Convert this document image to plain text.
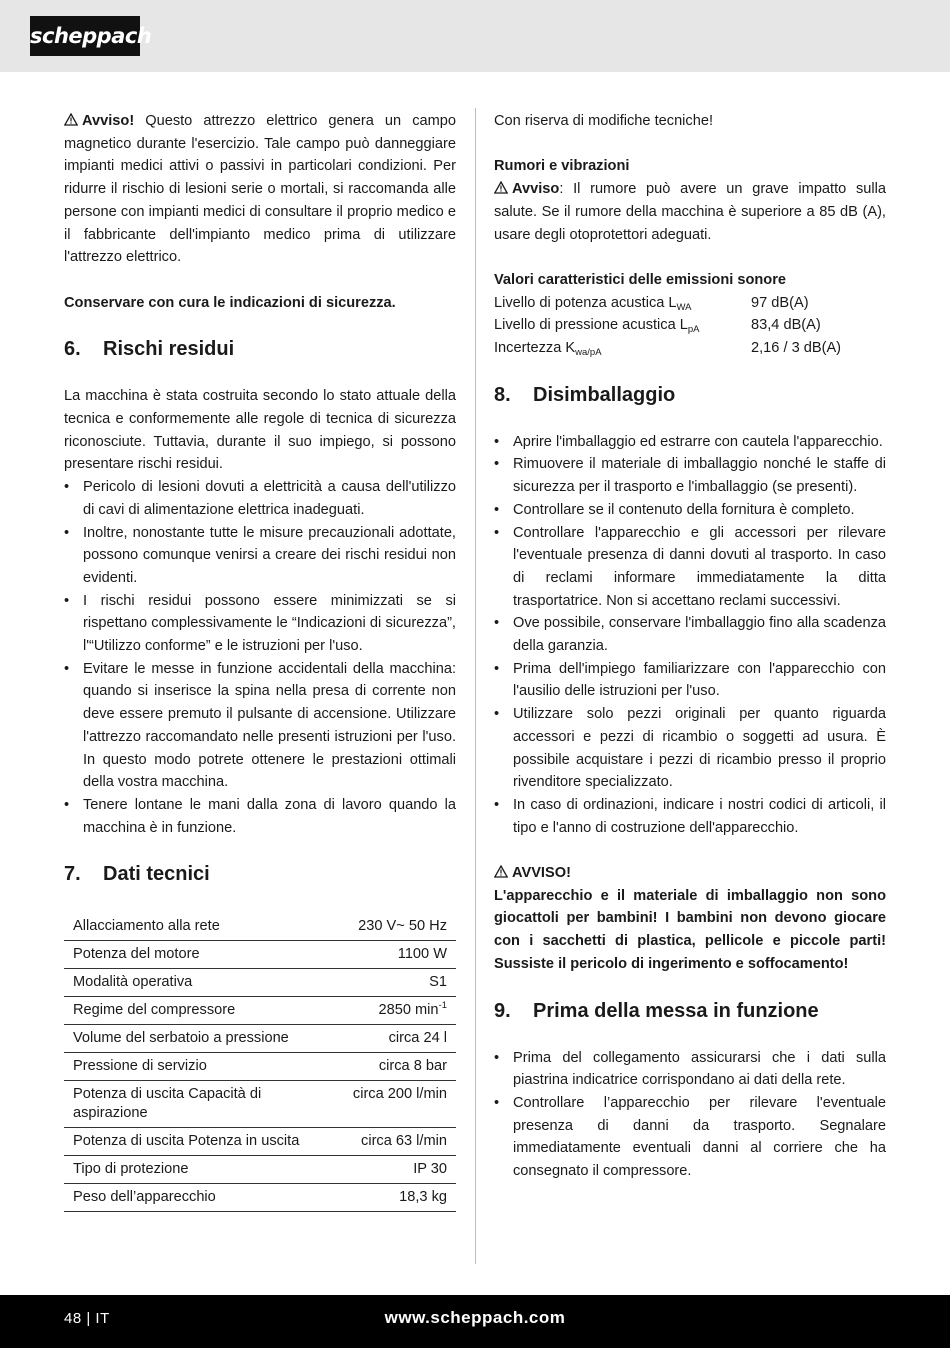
scheppach

Avviso! Questo attrezzo elettrico genera un campo magnetico durante l'esercizio. Tale campo può danneggiare impianti medici attivi o passivi in particolari condizioni. Per ridurre il rischio di lesioni serie o mortali, si raccomanda alle persone con impianti medici di consultare il proprio medico e il fabbricante dell'impianto medico prima di utilizzare l'attrezzo elettrico.

Conservare con cura le indicazioni di sicurezza.

6.	Rischi residui

La macchina è stata costruita secondo lo stato attuale della tecnica e conformemente alle regole di tecnica di sicurezza riconosciute. Tuttavia, durante il suo impiego, si possono presentare rischi residui.

• Pericolo di lesioni dovuti a elettricità a causa dell'utilizzo di cavi di alimentazione elettrica inadeguati.
• Inoltre, nonostante tutte le misure precauzionali adottate, possono comunque venirsi a creare dei rischi residui non evidenti.
• I rischi residui possono essere minimizzati se si rispettano complessivamente le “Indicazioni di sicurezza”, l'“Utilizzo conforme” e le istruzioni per l'uso.
• Evitare le messe in funzione accidentali della macchina: quando si inserisce la spina nella presa di corrente non deve essere premuto il pulsante di accensione. Utilizzare l'attrezzo raccomandato nelle presenti istruzioni per l'uso. In questo modo potrete ottenere le prestazioni ottimali della vostra macchina.
• Tenere lontane le mani dalla zona di lavoro quando la macchina è in funzione.
7.	Dati tecnici
Allacciamento alla rete	230 V~ 50 Hz
Potenza del motore	1100 W
Modalità operativa	S1
Regime del compressore	2850 $\min^{-1}$
Volume del serbatoio a pressione	circa 24 l
Pressione di servizio	circa 8 bar
Potenza di uscita Capacità di aspirazione	circa 200 l/min
Potenza di uscita Potenza in uscita	circa 63 l/min
Tipo di protezione	IP 30
Peso dell’apparecchio	18,3 kg

Con riserva di modifiche tecniche!

Rumori e vibrazioni

Avviso: Il rumore può avere un grave impatto sulla salute. Se il rumore della macchina è superiore a 85 dB (A), usare degli otoprotettori adeguati.

Valori caratteristici delle emissioni sonore

Livello di potenza acustica $L_{WA}$	97 dB(A)
Livello di pressione acustica $L_{pA}$	83,4 dB(A)
Incertezza $K_{wa/pA}$	2,16 / 3 dB(A)
8.	Disimballaggio
• Aprire l'imballaggio ed estrarre con cautela l'apparecchio.
• Rimuovere il materiale di imballaggio nonché le staffe di sicurezza per il trasporto e l'imballaggio (se presenti).
• Controllare se il contenuto della fornitura è completo.
• Controllare l'apparecchio e gli accessori per rilevare l'eventuale presenza di danni dovuti al trasporto. In caso di reclami informare immediatamente la ditta trasportatrice. Non si accettano reclami successivi.
• Ove possibile, conservare l'imballaggio fino alla scadenza della garanzia.
• Prima dell'impiego familiarizzare con l'apparecchio con l'ausilio delle istruzioni per l'uso.
• Utilizzare solo pezzi originali per quanto riguarda accessori e pezzi di ricambio o soggetti ad usura. È possibile acquistare i pezzi di ricambio presso il proprio rivenditore specializzato.
• In caso di ordinazioni, indicare i nostri codici di articoli, il tipo e l'anno di costruzione dell'apparecchio.

AVVISO!

L'apparecchio e il materiale di imballaggio non sono giocattoli per bambini! I bambini non devono giocare con i sacchetti di plastica, pellicole e piccole parti! Sussiste il pericolo di ingerimento e soffocamento!

9.	Prima della messa in funzione
• Prima del collegamento assicurarsi che i dati sulla piastrina indicatrice corrispondano ai dati della rete.
• Controllare l’apparecchio per rilevare l'eventuale presenza di danni da trasporto. Segnalare immediatamente eventuali danni al corriere che ha consegnato il compressore.
48 | IT	www.scheppach.com
